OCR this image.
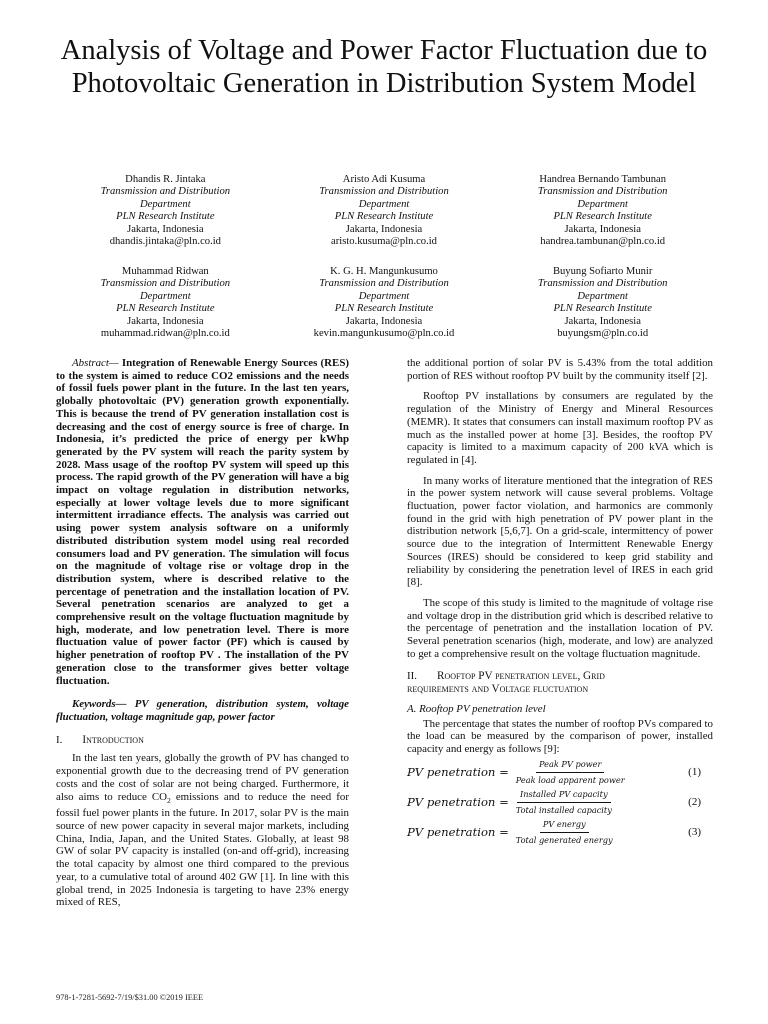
Analysis of Voltage and Power Factor Fluctuation due to Photovoltaic Generation in Distribution System Model
Dhandis R. Jintaka
Transmission and Distribution
Department
PLN Research Institute
Jakarta, Indonesia
dhandis.jintaka@pln.co.id
Aristo Adi Kusuma
Transmission and Distribution
Department
PLN Research Institute
Jakarta, Indonesia
aristo.kusuma@pln.co.id
Handrea Bernando Tambunan
Transmission and Distribution
Department
PLN Research Institute
Jakarta, Indonesia
handrea.tambunan@pln.co.id
Muhammad Ridwan
Transmission and Distribution
Department
PLN Research Institute
Jakarta, Indonesia
muhammad.ridwan@pln.co.id
K. G. H. Mangunkusumo
Transmission and Distribution
Department
PLN Research Institute
Jakarta, Indonesia
kevin.mangunkusumo@pln.co.id
Buyung Sofiarto Munir
Transmission and Distribution
Department
PLN Research Institute
Jakarta, Indonesia
buyungsm@pln.co.id

Abstract— Integration of Renewable Energy Sources (RES) to the system is aimed to reduce CO2 emissions and the needs of fossil fuels power plant in the future. In the last ten years, globally photovoltaic (PV) generation growth exponentially. This is because the trend of PV generation installation cost is decreasing and the cost of energy source is free of charge. In Indonesia, it’s predicted the price of energy per kWhp generated by the PV system will reach the parity system by 2028. Mass usage of the rooftop PV system will speed up this process. The rapid growth of the PV generation will have a big impact on voltage regulation in distribution networks, especially at lower voltage levels due to more significant intermittent irradiance effects. The analysis was carried out using power system analysis software on a uniformly distributed distribution system model using real recorded consumers load and PV generation. The simulation will focus on the magnitude of voltage rise or voltage drop in the distribution system, where is described relative to the percentage of penetration and the installation location of PV. Several penetration scenarios are analyzed to get a comprehensive result on the voltage fluctuation magnitude by high, moderate, and low penetration level. There is more fluctuation value of power factor (PF) which is caused by higher penetration of rooftop PV . The installation of the PV generation close to the transformer gives better voltage fluctuation.

Keywords— PV generation, distribution system, voltage fluctuation, voltage magnitude gap, power factor

I. Introduction

In the last ten years, globally the growth of PV has changed to exponential growth due to the decreasing trend of PV generation costs and the cost of solar are not being charged. Furthermore, it also aims to reduce $CO_2$ emissions and to reduce the need for fossil fuel power plants in the future. In 2017, solar PV is the main source of new power capacity in several major markets, including China, India, Japan, and the United States. Globally, at least 98 GW of solar PV capacity is installed (on-and off-grid), increasing the total capacity by almost one third compared to the previous year, to a cumulative total of around 402 GW [1]. In line with this global trend, in 2025 Indonesia is targeting to have 23% energy mixed of RES,

the additional portion of solar PV is 5.43% from the total addition portion of RES without rooftop PV built by the community itself [2].

Rooftop PV installations by consumers are regulated by the regulation of the Ministry of Energy and Mineral Resources (MEMR). It states that consumers can install maximum rooftop PV as much as the installed power at home [3]. Besides, the rooftop PV capacity is limited to a maximum capacity of 200 kVA which is regulated in [4].

In many works of literature mentioned that the integration of RES in the power system network will cause several problems. Voltage fluctuation, power factor violation, and harmonics are commonly found in the grid with high penetration of PV power plant in the distribution network [5,6,7]. On a grid-scale, intermittency of power source due to the integration of Intermittent Renewable Energy Sources (IRES) should be considered to keep grid stability and reliability by considering the penetration level of IRES in each grid [8].

The scope of this study is limited to the magnitude of voltage rise and voltage drop in the distribution grid which is described relative to the percentage of penetration and the installation location of PV. Several penetration scenarios (high, moderate, and low) are analyzed to get a comprehensive result on the voltage fluctuation magnitude.

II. Rooftop PV penetration level, Grid
requirements and Voltage fluctuation

A. Rooftop PV penetration level

The percentage that states the number of rooftop PVs compared to the load can be measured by the comparison of power, installed capacity and energy as follows [9]:

PV penetration = $\frac{\text{Peak PV power}}{\text{Peak load apparent power}}$	(1)
PV penetration = $\frac{\text{Installed PV capacity}}{\text{Total installed capacity}}$	(2)
PV penetration = $\frac{\text{PV energy}}{\text{Total generated energy}}$	(3)
978-1-7281-5692-7/19/$31.00 ©2019 IEEE
